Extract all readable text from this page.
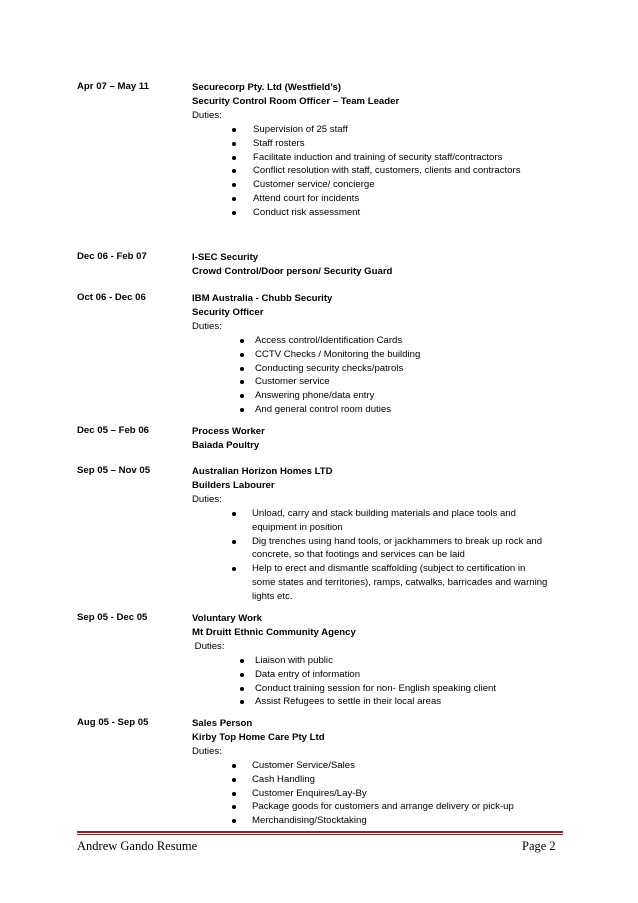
Apr 07 – May 11	Securecorp Pty. Ltd (Westfield’s)
Security Control Room Officer – Team Leader
Duties:
Supervision of 25 staff
Staff rosters
Facilitate induction and training of security staff/contractors
Conflict resolution with staff, customers, clients and contractors
Customer service/ concierge
Attend court for incidents
Conduct risk assessment
Dec 06 - Feb 07	I-SEC Security
Crowd Control/Door person/ Security Guard
Oct 06 - Dec 06	IBM Australia - Chubb Security
Security Officer
Duties:
Access control/Identification Cards
CCTV Checks / Monitoring the building
Conducting security checks/patrols
Customer service
Answering phone/data entry
And general control room duties
Dec 05 – Feb 06	Process Worker
Baiada Poultry
Sep 05 – Nov 05	Australian Horizon Homes LTD
Builders Labourer
Duties:
Unload, carry and stack building materials and place tools and
equipment in position
Dig trenches using hand tools, or jackhammers to break up rock and
concrete, so that footings and services can be laid
Help to erect and dismantle scaffolding (subject to certification in
some states and territories), ramps, catwalks, barricades and warning
lights etc.
Sep 05 - Dec 05	Voluntary Work
Mt Druitt Ethnic Community Agency
Duties:
Liaison with public
Data entry of information
Conduct training session for non- English speaking client
Assist Refugees to settle in their local areas
Aug 05 - Sep 05	Sales Person
Kirby Top Home Care Pty Ltd
Duties:
Customer Service/Sales
Cash Handling
Customer Enquires/Lay-By
Package goods for customers and arrange delivery or pick-up
Merchandising/Stocktaking
Andrew Gando Resume	Page 2
